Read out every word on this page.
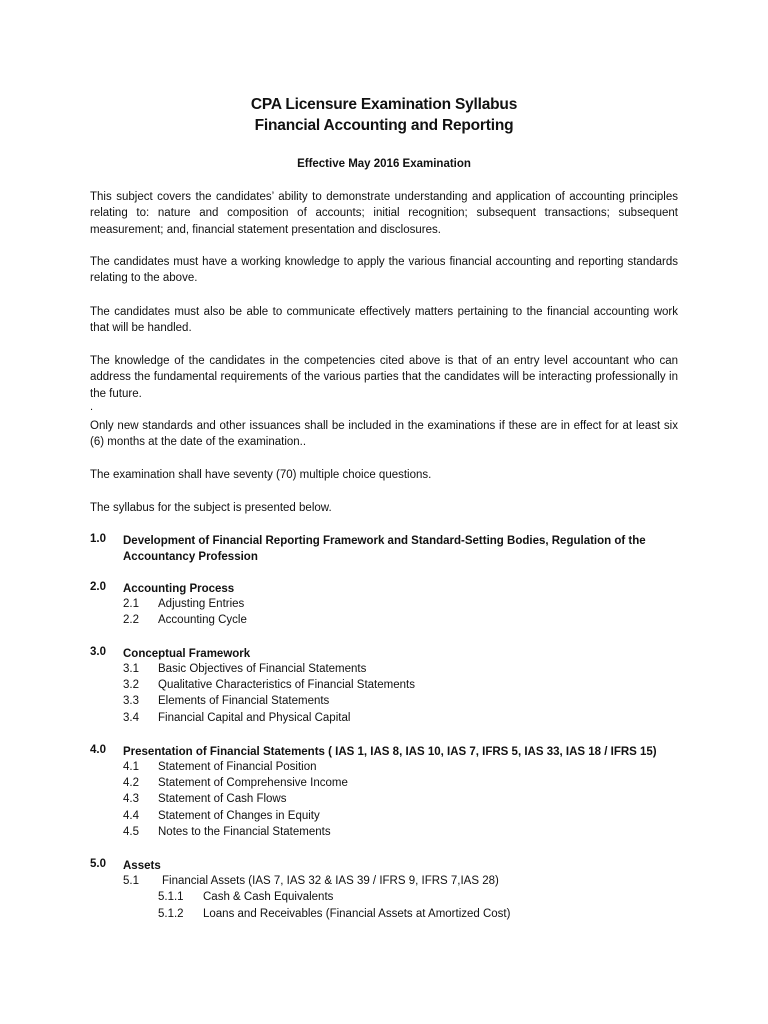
CPA Licensure Examination Syllabus
Financial Accounting and Reporting
Effective May 2016 Examination

This subject covers the candidates’ ability to demonstrate understanding and application of accounting principles relating to: nature and composition of accounts; initial recognition; subsequent transactions; subsequent measurement; and, financial statement presentation and disclosures.

The candidates must have a working knowledge to apply the various financial accounting and reporting standards relating to the above.

The candidates must also be able to communicate effectively matters pertaining to the financial accounting work that will be handled.

The knowledge of the candidates in the competencies cited above is that of an entry level accountant who can address the fundamental requirements of the various parties that the candidates will be interacting professionally in the future.

.

Only new standards and other issuances shall be included in the examinations if these are in effect for at least six (6) months at the date of the examination..

The examination shall have seventy (70) multiple choice questions.

The syllabus for the subject is presented below.

1.0 Development of Financial Reporting Framework and Standard-Setting Bodies, Regulation of the Accountancy Profession
2.0 Accounting Process
2.1 Adjusting Entries
2.2 Accounting Cycle
3.0 Conceptual Framework
3.1 Basic Objectives of Financial Statements
3.2 Qualitative Characteristics of Financial Statements
3.3 Elements of Financial Statements
3.4 Financial Capital and Physical Capital
4.0 Presentation of Financial Statements ( IAS 1, IAS 8, IAS 10, IAS 7, IFRS 5, IAS 33, IAS 18 / IFRS 15)
4.1 Statement of Financial Position
4.2 Statement of Comprehensive Income
4.3 Statement of Cash Flows
4.4 Statement of Changes in Equity
4.5 Notes to the Financial Statements
5.0 Assets
5.1 Financial Assets (IAS 7, IAS 32 & IAS 39 / IFRS 9, IFRS 7,IAS 28)
5.1.1 Cash & Cash Equivalents
5.1.2 Loans and Receivables (Financial Assets at Amortized Cost)
